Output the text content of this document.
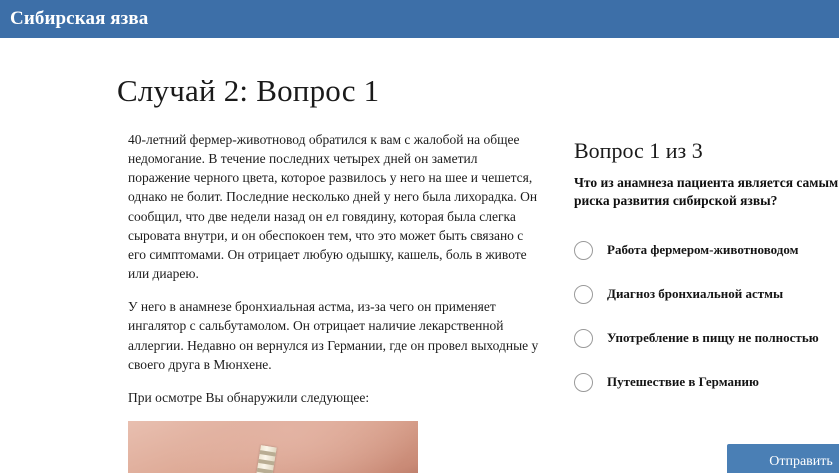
Сибирская язва
Случай 2: Вопрос 1

40-летний фермер-животновод обратился к вам с жалобой на общее недомогание. В течение последних четырех дней он заметил поражение черного цвета, которое развилось у него на шее и чешется, однако не болит. Последние несколько дней у него была лихорадка. Он сообщил, что две недели назад он ел говядину, которая была слегка сыровата внутри, и он обеспокоен тем, что это может быть связано с его симптомами. Он отрицает любую одышку, кашель, боль в животе или диарею.

У него в анамнезе бронхиальная астма, из-за чего он применяет ингалятор с сальбутамолом. Он отрицает наличие лекарственной аллергии. Недавно он вернулся из Германии, где он провел выходные у своего друга в Мюнхене.

При осмотре Вы обнаружили следующее:

Вопрос 1 из 3
Что из анамнеза пациента является самым риска развития сибирской язвы?
Работа фермером-животноводом
Диагноз бронхиальной астмы
Употребление в пищу не полностью
Путешествие в Германию
Отправить
